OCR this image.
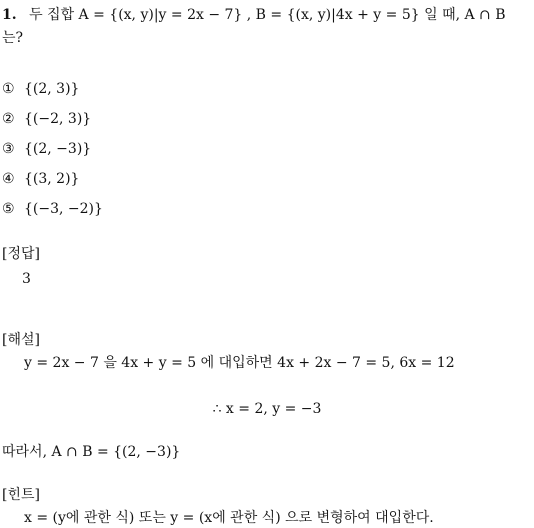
1. 두 집합 A = {(x, y)|y = 2x − 7} , B = {(x, y)|4x + y = 5} 일 때, A ∩ B
는?
① {(2, 3)}
② {(−2, 3)}
③ {(2, −3)}
④ {(3, 2)}
⑤ {(−3, −2)}
[정답]
3
[해설]
y = 2x − 7 을 4x + y = 5 에 대입하면 4x + 2x − 7 = 5, 6x = 12
∴ x = 2, y = −3
따라서, A ∩ B = {(2, −3)}
[힌트]
x = (y에 관한 식) 또는 y = (x에 관한 식) 으로 변형하여 대입한다.
